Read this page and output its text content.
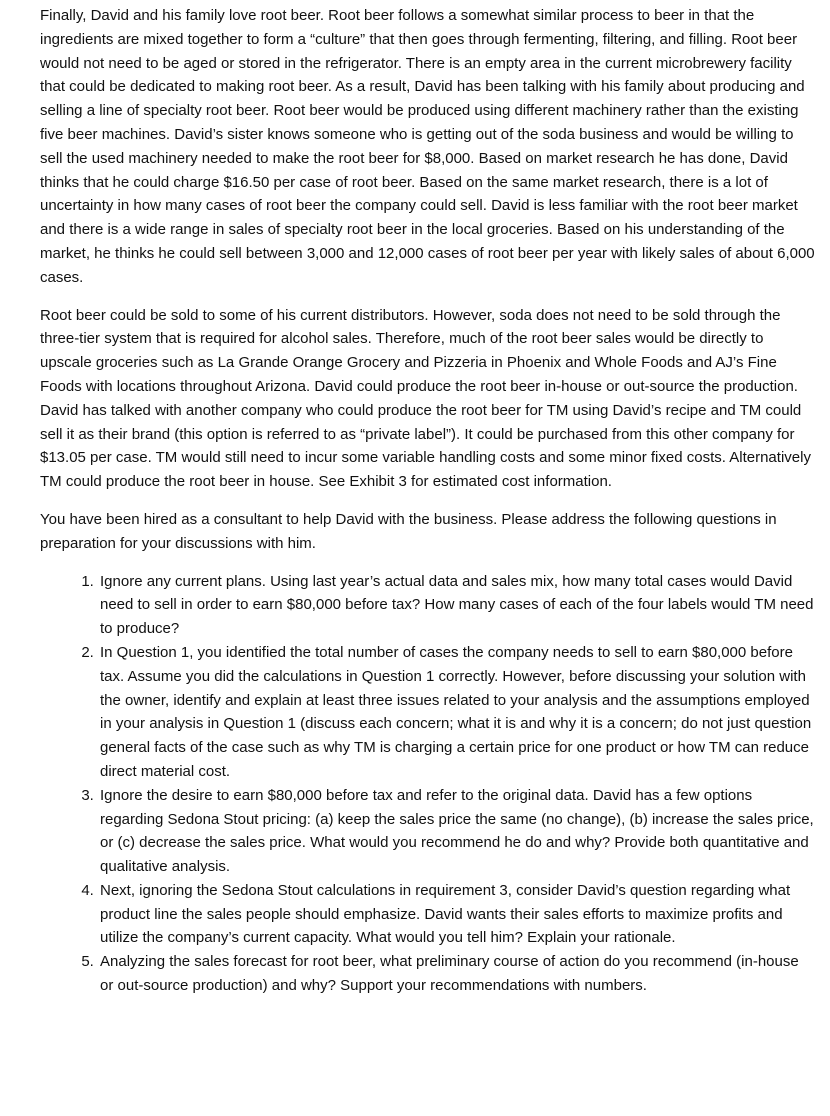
Finally, David and his family love root beer. Root beer follows a somewhat similar process to beer in that the ingredients are mixed together to form a “culture” that then goes through fermenting, filtering, and filling. Root beer would not need to be aged or stored in the refrigerator. There is an empty area in the current microbrewery facility that could be dedicated to making root beer. As a result, David has been talking with his family about producing and selling a line of specialty root beer. Root beer would be produced using different machinery rather than the existing five beer machines. David’s sister knows someone who is getting out of the soda business and would be willing to sell the used machinery needed to make the root beer for $8,000. Based on market research he has done, David thinks that he could charge $16.50 per case of root beer. Based on the same market research, there is a lot of uncertainty in how many cases of root beer the company could sell. David is less familiar with the root beer market and there is a wide range in sales of specialty root beer in the local groceries. Based on his understanding of the market, he thinks he could sell between 3,000 and 12,000 cases of root beer per year with likely sales of about 6,000 cases.

Root beer could be sold to some of his current distributors. However, soda does not need to be sold through the three-tier system that is required for alcohol sales. Therefore, much of the root beer sales would be directly to upscale groceries such as La Grande Orange Grocery and Pizzeria in Phoenix and Whole Foods and AJ’s Fine Foods with locations throughout Arizona. David could produce the root beer in-house or out-source the production. David has talked with another company who could produce the root beer for TM using David’s recipe and TM could sell it as their brand (this option is referred to as “private label”). It could be purchased from this other company for $13.05 per case. TM would still need to incur some variable handling costs and some minor fixed costs. Alternatively TM could produce the root beer in house. See Exhibit 3 for estimated cost information.

You have been hired as a consultant to help David with the business. Please address the following questions in preparation for your discussions with him.

1. Ignore any current plans. Using last year’s actual data and sales mix, how many total cases would David need to sell in order to earn $80,000 before tax? How many cases of each of the four labels would TM need to produce?
2. In Question 1, you identified the total number of cases the company needs to sell to earn $80,000 before tax. Assume you did the calculations in Question 1 correctly. However, before discussing your solution with the owner, identify and explain at least three issues related to your analysis and the assumptions employed in your analysis in Question 1 (discuss each concern; what it is and why it is a concern; do not just question general facts of the case such as why TM is charging a certain price for one product or how TM can reduce direct material cost.
3. Ignore the desire to earn $80,000 before tax and refer to the original data. David has a few options regarding Sedona Stout pricing: (a) keep the sales price the same (no change), (b) increase the sales price, or (c) decrease the sales price. What would you recommend he do and why? Provide both quantitative and qualitative analysis.
4. Next, ignoring the Sedona Stout calculations in requirement 3, consider David’s question regarding what product line the sales people should emphasize. David wants their sales efforts to maximize profits and utilize the company’s current capacity. What would you tell him? Explain your rationale.
5. Analyzing the sales forecast for root beer, what preliminary course of action do you recommend (in-house or out-source production) and why? Support your recommendations with numbers.
